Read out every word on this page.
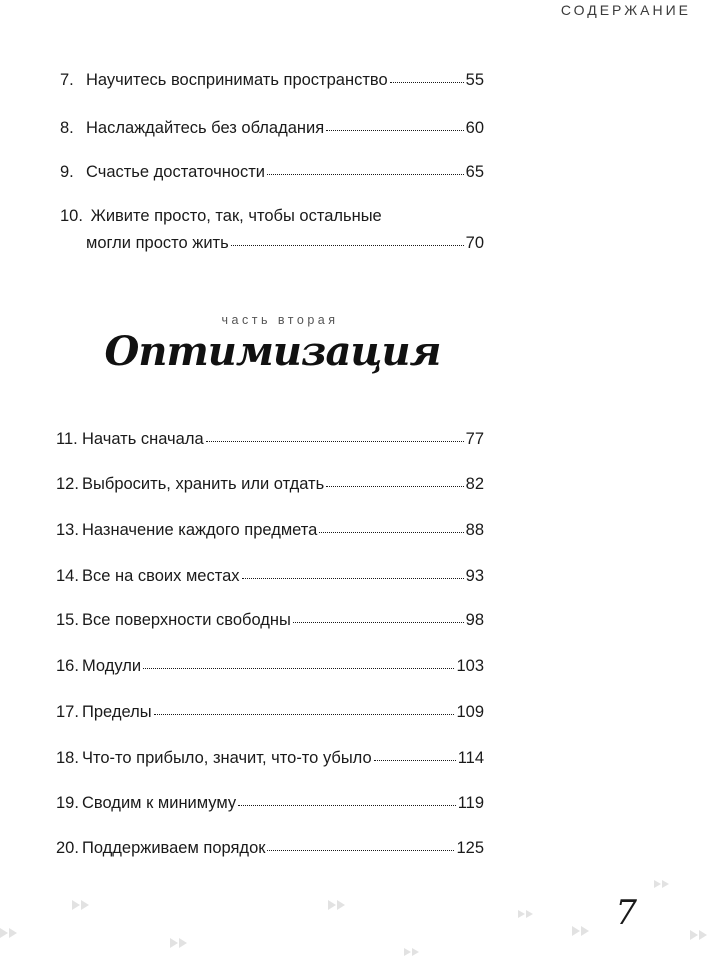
СОДЕРЖАНИЕ
7. Научитесь воспринимать пространство	55
8. Наслаждайтесь без обладания	60
9. Счастье достаточности	65
10. Живите просто, так, чтобы остальные
могли просто жить	70
часть вторая
Оптимизация
11. Начать сначала	77
12. Выбросить, хранить или отдать	82
13. Назначение каждого предмета	88
14. Все на своих местах	93
15. Все поверхности свободны	98
16. Модули	103
17. Пределы	109
18. Что-то прибыло, значит, что-то убыло	114
19. Сводим к минимуму	119
20. Поддерживаем порядок	125
7
